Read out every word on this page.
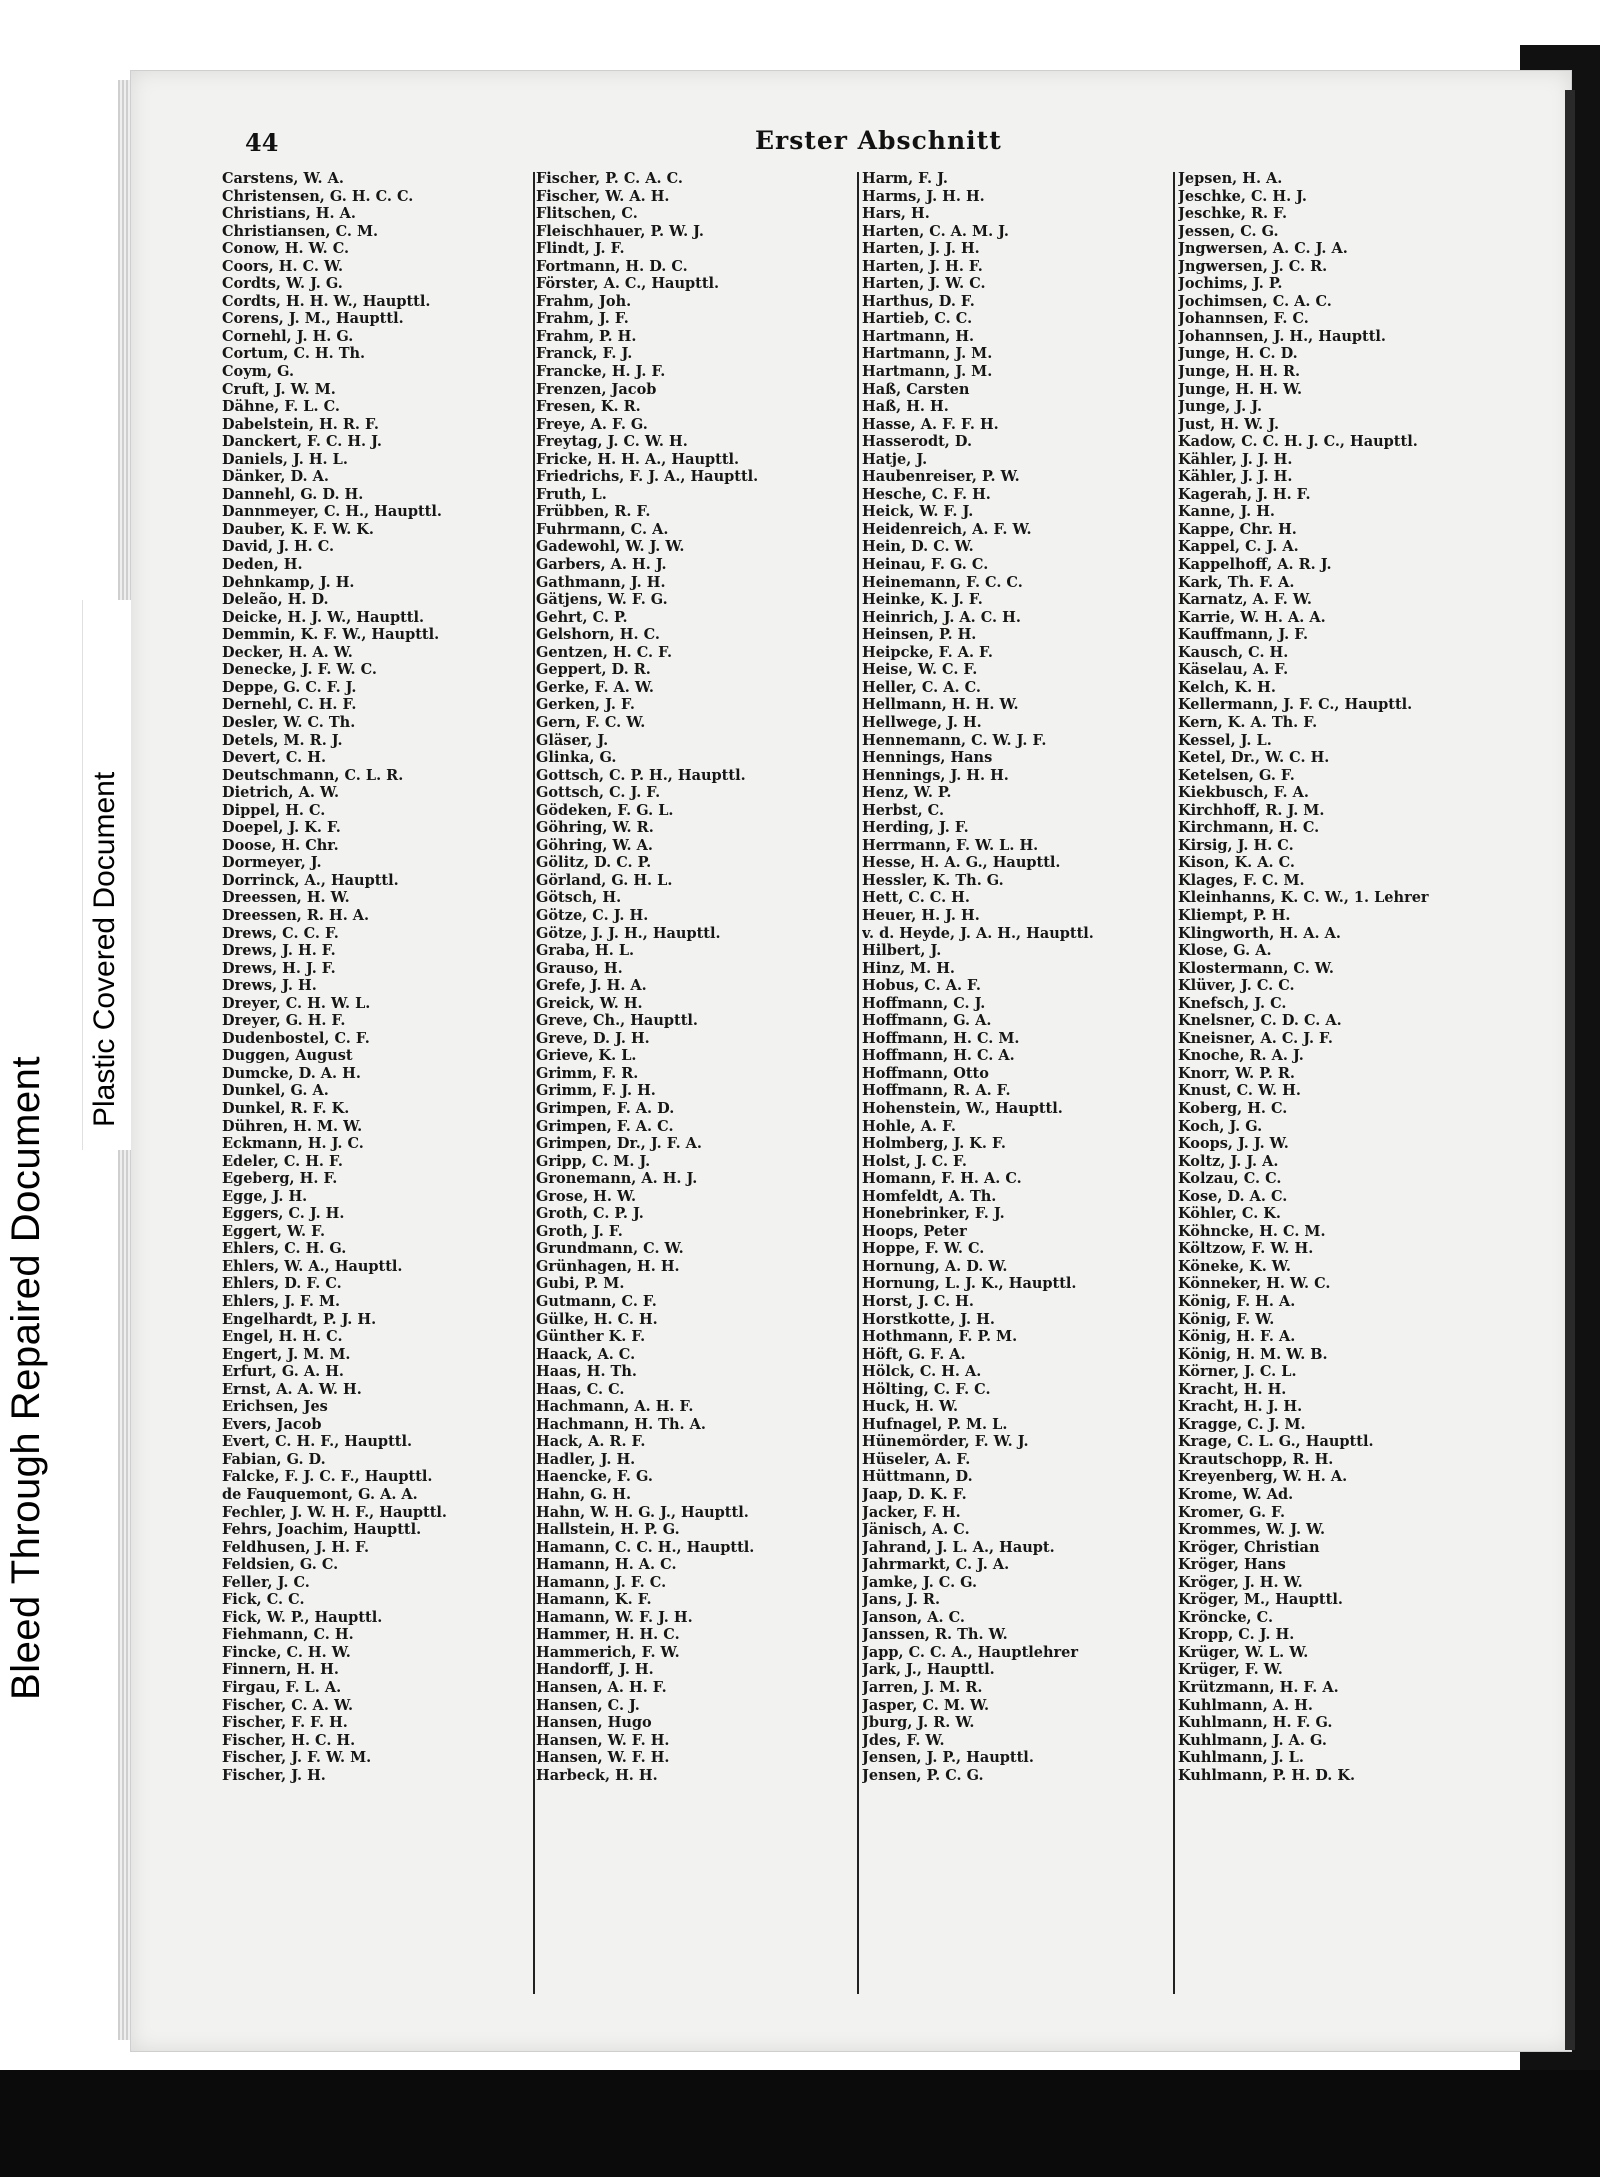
44	Erster Abschnitt
Carstens, W. A.
Christensen, G. H. C. C.
Christians, H. A.
Christiansen, C. M.
Conow, H. W. C.
Coors, H. C. W.
Cordts, W. J. G.
Cordts, H. H. W., Haupttl.
Corens, J. M., Haupttl.
Cornehl, J. H. G.
Cortum, C. H. Th.
Coym, G.
Cruft, J. W. M.
Dähne, F. L. C.
Dabelstein, H. R. F.
Danckert, F. C. H. J.
Daniels, J. H. L.
Dänker, D. A.
Dannehl, G. D. H.
Dannmeyer, C. H., Haupttl.
Dauber, K. F. W. K.
David, J. H. C.
Deden, H.
Dehnkamp, J. H.
Deleão, H. D.
Deicke, H. J. W., Haupttl.
Demmin, K. F. W., Haupttl.
Decker, H. A. W.
Denecke, J. F. W. C.
Deppe, G. C. F. J.
Dernehl, C. H. F.
Desler, W. C. Th.
Detels, M. R. J.
Devert, C. H.
Deutschmann, C. L. R.
Dietrich, A. W.
Dippel, H. C.
Doepel, J. K. F.
Doose, H. Chr.
Dormeyer, J.
Dorrinck, A., Haupttl.
Dreessen, H. W.
Dreessen, R. H. A.
Drews, C. C. F.
Drews, J. H. F.
Drews, H. J. F.
Drews, J. H.
Dreyer, C. H. W. L.
Dreyer, G. H. F.
Dudenbostel, C. F.
Duggen, August
Dumcke, D. A. H.
Dunkel, G. A.
Dunkel, R. F. K.
Dühren, H. M. W.
Eckmann, H. J. C.
Edeler, C. H. F.
Egeberg, H. F.
Egge, J. H.
Eggers, C. J. H.
Eggert, W. F.
Ehlers, C. H. G.
Ehlers, W. A., Haupttl.
Ehlers, D. F. C.
Ehlers, J. F. M.
Engelhardt, P. J. H.
Engel, H. H. C.
Engert, J. M. M.
Erfurt, G. A. H.
Ernst, A. A. W. H.
Erichsen, Jes
Evers, Jacob
Evert, C. H. F., Haupttl.
Fabian, G. D.
Falcke, F. J. C. F., Haupttl.
de Fauquemont, G. A. A.
Fechler, J. W. H. F., Haupttl.
Fehrs, Joachim, Haupttl.
Feldhusen, J. H. F.
Feldsien, G. C.
Feller, J. C.
Fick, C. C.
Fick, W. P., Haupttl.
Fiehmann, C. H.
Fincke, C. H. W.
Finnern, H. H.
Firgau, F. L. A.
Fischer, C. A. W.
Fischer, F. F. H.
Fischer, H. C. H.
Fischer, J. F. W. M.
Fischer, J. H.
Fischer, P. C. A. C.
Fischer, W. A. H.
Flitschen, C.
Fleischhauer, P. W. J.
Flindt, J. F.
Fortmann, H. D. C.
Förster, A. C., Haupttl.
Frahm, Joh.
Frahm, J. F.
Frahm, P. H.
Franck, F. J.
Francke, H. J. F.
Frenzen, Jacob
Fresen, K. R.
Freye, A. F. G.
Freytag, J. C. W. H.
Fricke, H. H. A., Haupttl.
Friedrichs, F. J. A., Haupttl.
Fruth, L.
Frübben, R. F.
Fuhrmann, C. A.
Gadewohl, W. J. W.
Garbers, A. H. J.
Gathmann, J. H.
Gätjens, W. F. G.
Gehrt, C. P.
Gelshorn, H. C.
Gentzen, H. C. F.
Geppert, D. R.
Gerke, F. A. W.
Gerken, J. F.
Gern, F. C. W.
Gläser, J.
Glinka, G.
Gottsch, C. P. H., Haupttl.
Gottsch, C. J. F.
Gödeken, F. G. L.
Göhring, W. R.
Göhring, W. A.
Gölitz, D. C. P.
Görland, G. H. L.
Götsch, H.
Götze, C. J. H.
Götze, J. J. H., Haupttl.
Graba, H. L.
Grauso, H.
Grefe, J. H. A.
Greick, W. H.
Greve, Ch., Haupttl.
Greve, D. J. H.
Grieve, K. L.
Grimm, F. R.
Grimm, F. J. H.
Grimpen, F. A. D.
Grimpen, F. A. C.
Grimpen, Dr., J. F. A.
Gripp, C. M. J.
Gronemann, A. H. J.
Grose, H. W.
Groth, C. P. J.
Groth, J. F.
Grundmann, C. W.
Grünhagen, H. H.
Gubi, P. M.
Gutmann, C. F.
Gülke, H. C. H.
Günther K. F.
Haack, A. C.
Haas, H. Th.
Haas, C. C.
Hachmann, A. H. F.
Hachmann, H. Th. A.
Hack, A. R. F.
Hadler, J. H.
Haencke, F. G.
Hahn, G. H.
Hahn, W. H. G. J., Haupttl.
Hallstein, H. P. G.
Hamann, C. C. H., Haupttl.
Hamann, H. A. C.
Hamann, J. F. C.
Hamann, K. F.
Hamann, W. F. J. H.
Hammer, H. H. C.
Hammerich, F. W.
Handorff, J. H.
Hansen, A. H. F.
Hansen, C. J.
Hansen, Hugo
Hansen, W. F. H.
Hansen, W. F. H.
Harbeck, H. H.
Harm, F. J.
Harms, J. H. H.
Hars, H.
Harten, C. A. M. J.
Harten, J. J. H.
Harten, J. H. F.
Harten, J. W. C.
Harthus, D. F.
Hartieb, C. C.
Hartmann, H.
Hartmann, J. M.
Hartmann, J. M.
Haß, Carsten
Haß, H. H.
Hasse, A. F. F. H.
Hasserodt, D.
Hatje, J.
Haubenreiser, P. W.
Hesche, C. F. H.
Heick, W. F. J.
Heidenreich, A. F. W.
Hein, D. C. W.
Heinau, F. G. C.
Heinemann, F. C. C.
Heinke, K. J. F.
Heinrich, J. A. C. H.
Heinsen, P. H.
Heipcke, F. A. F.
Heise, W. C. F.
Heller, C. A. C.
Hellmann, H. H. W.
Hellwege, J. H.
Hennemann, C. W. J. F.
Hennings, Hans
Hennings, J. H. H.
Henz, W. P.
Herbst, C.
Herding, J. F.
Herrmann, F. W. L. H.
Hesse, H. A. G., Haupttl.
Hessler, K. Th. G.
Hett, C. C. H.
Heuer, H. J. H.
v. d. Heyde, J. A. H., Haupttl.
Hilbert, J.
Hinz, M. H.
Hobus, C. A. F.
Hoffmann, C. J.
Hoffmann, G. A.
Hoffmann, H. C. M.
Hoffmann, H. C. A.
Hoffmann, Otto
Hoffmann, R. A. F.
Hohenstein, W., Haupttl.
Hohle, A. F.
Holmberg, J. K. F.
Holst, J. C. F.
Homann, F. H. A. C.
Homfeldt, A. Th.
Honebrinker, F. J.
Hoops, Peter
Hoppe, F. W. C.
Hornung, A. D. W.
Hornung, L. J. K., Haupttl.
Horst, J. C. H.
Horstkotte, J. H.
Hothmann, F. P. M.
Höft, G. F. A.
Hölck, C. H. A.
Hölting, C. F. C.
Huck, H. W.
Hufnagel, P. M. L.
Hünemörder, F. W. J.
Hüseler, A. F.
Hüttmann, D.
Jaap, D. K. F.
Jacker, F. H.
Jänisch, A. C.
Jahrand, J. L. A., Haupt.
Jahrmarkt, C. J. A.
Jamke, J. C. G.
Jans, J. R.
Janson, A. C.
Janssen, R. Th. W.
Japp, C. C. A., Hauptlehrer
Jark, J., Haupttl.
Jarren, J. M. R.
Jasper, C. M. W.
Jburg, J. R. W.
Jdes, F. W.
Jensen, J. P., Haupttl.
Jensen, P. C. G.
Jepsen, H. A.
Jeschke, C. H. J.
Jeschke, R. F.
Jessen, C. G.
Jngwersen, A. C. J. A.
Jngwersen, J. C. R.
Jochims, J. P.
Jochimsen, C. A. C.
Johannsen, F. C.
Johannsen, J. H., Haupttl.
Junge, H. C. D.
Junge, H. H. R.
Junge, H. H. W.
Junge, J. J.
Just, H. W. J.
Kadow, C. C. H. J. C., Haupttl.
Kähler, J. J. H.
Kähler, J. J. H.
Kagerah, J. H. F.
Kanne, J. H.
Kappe, Chr. H.
Kappel, C. J. A.
Kappelhoff, A. R. J.
Kark, Th. F. A.
Karnatz, A. F. W.
Karrie, W. H. A. A.
Kauffmann, J. F.
Kausch, C. H.
Käselau, A. F.
Kelch, K. H.
Kellermann, J. F. C., Haupttl.
Kern, K. A. Th. F.
Kessel, J. L.
Ketel, Dr., W. C. H.
Ketelsen, G. F.
Kiekbusch, F. A.
Kirchhoff, R. J. M.
Kirchmann, H. C.
Kirsig, J. H. C.
Kison, K. A. C.
Klages, F. C. M.
Kleinhanns, K. C. W., 1. Lehrer
Kliempt, P. H.
Klingworth, H. A. A.
Klose, G. A.
Klostermann, C. W.
Klüver, J. C. C.
Knefsch, J. C.
Knelsner, C. D. C. A.
Kneisner, A. C. J. F.
Knoche, R. A. J.
Knorr, W. P. R.
Knust, C. W. H.
Koberg, H. C.
Koch, J. G.
Koops, J. J. W.
Koltz, J. J. A.
Kolzau, C. C.
Kose, D. A. C.
Köhler, C. K.
Köhncke, H. C. M.
Költzow, F. W. H.
Köneke, K. W.
Könneker, H. W. C.
König, F. H. A.
König, F. W.
König, H. F. A.
König, H. M. W. B.
Körner, J. C. L.
Kracht, H. H.
Kracht, H. J. H.
Kragge, C. J. M.
Krage, C. L. G., Haupttl.
Krautschopp, R. H.
Kreyenberg, W. H. A.
Krome, W. Ad.
Kromer, G. F.
Krommes, W. J. W.
Kröger, Christian
Kröger, Hans
Kröger, J. H. W.
Kröger, M., Haupttl.
Kröncke, C.
Kropp, C. J. H.
Krüger, W. L. W.
Krüger, F. W.
Krützmann, H. F. A.
Kuhlmann, A. H.
Kuhlmann, H. F. G.
Kuhlmann, J. A. G.
Kuhlmann, J. L.
Kuhlmann, P. H. D. K.
Bleed Through Repaired Document
Plastic Covered Document
